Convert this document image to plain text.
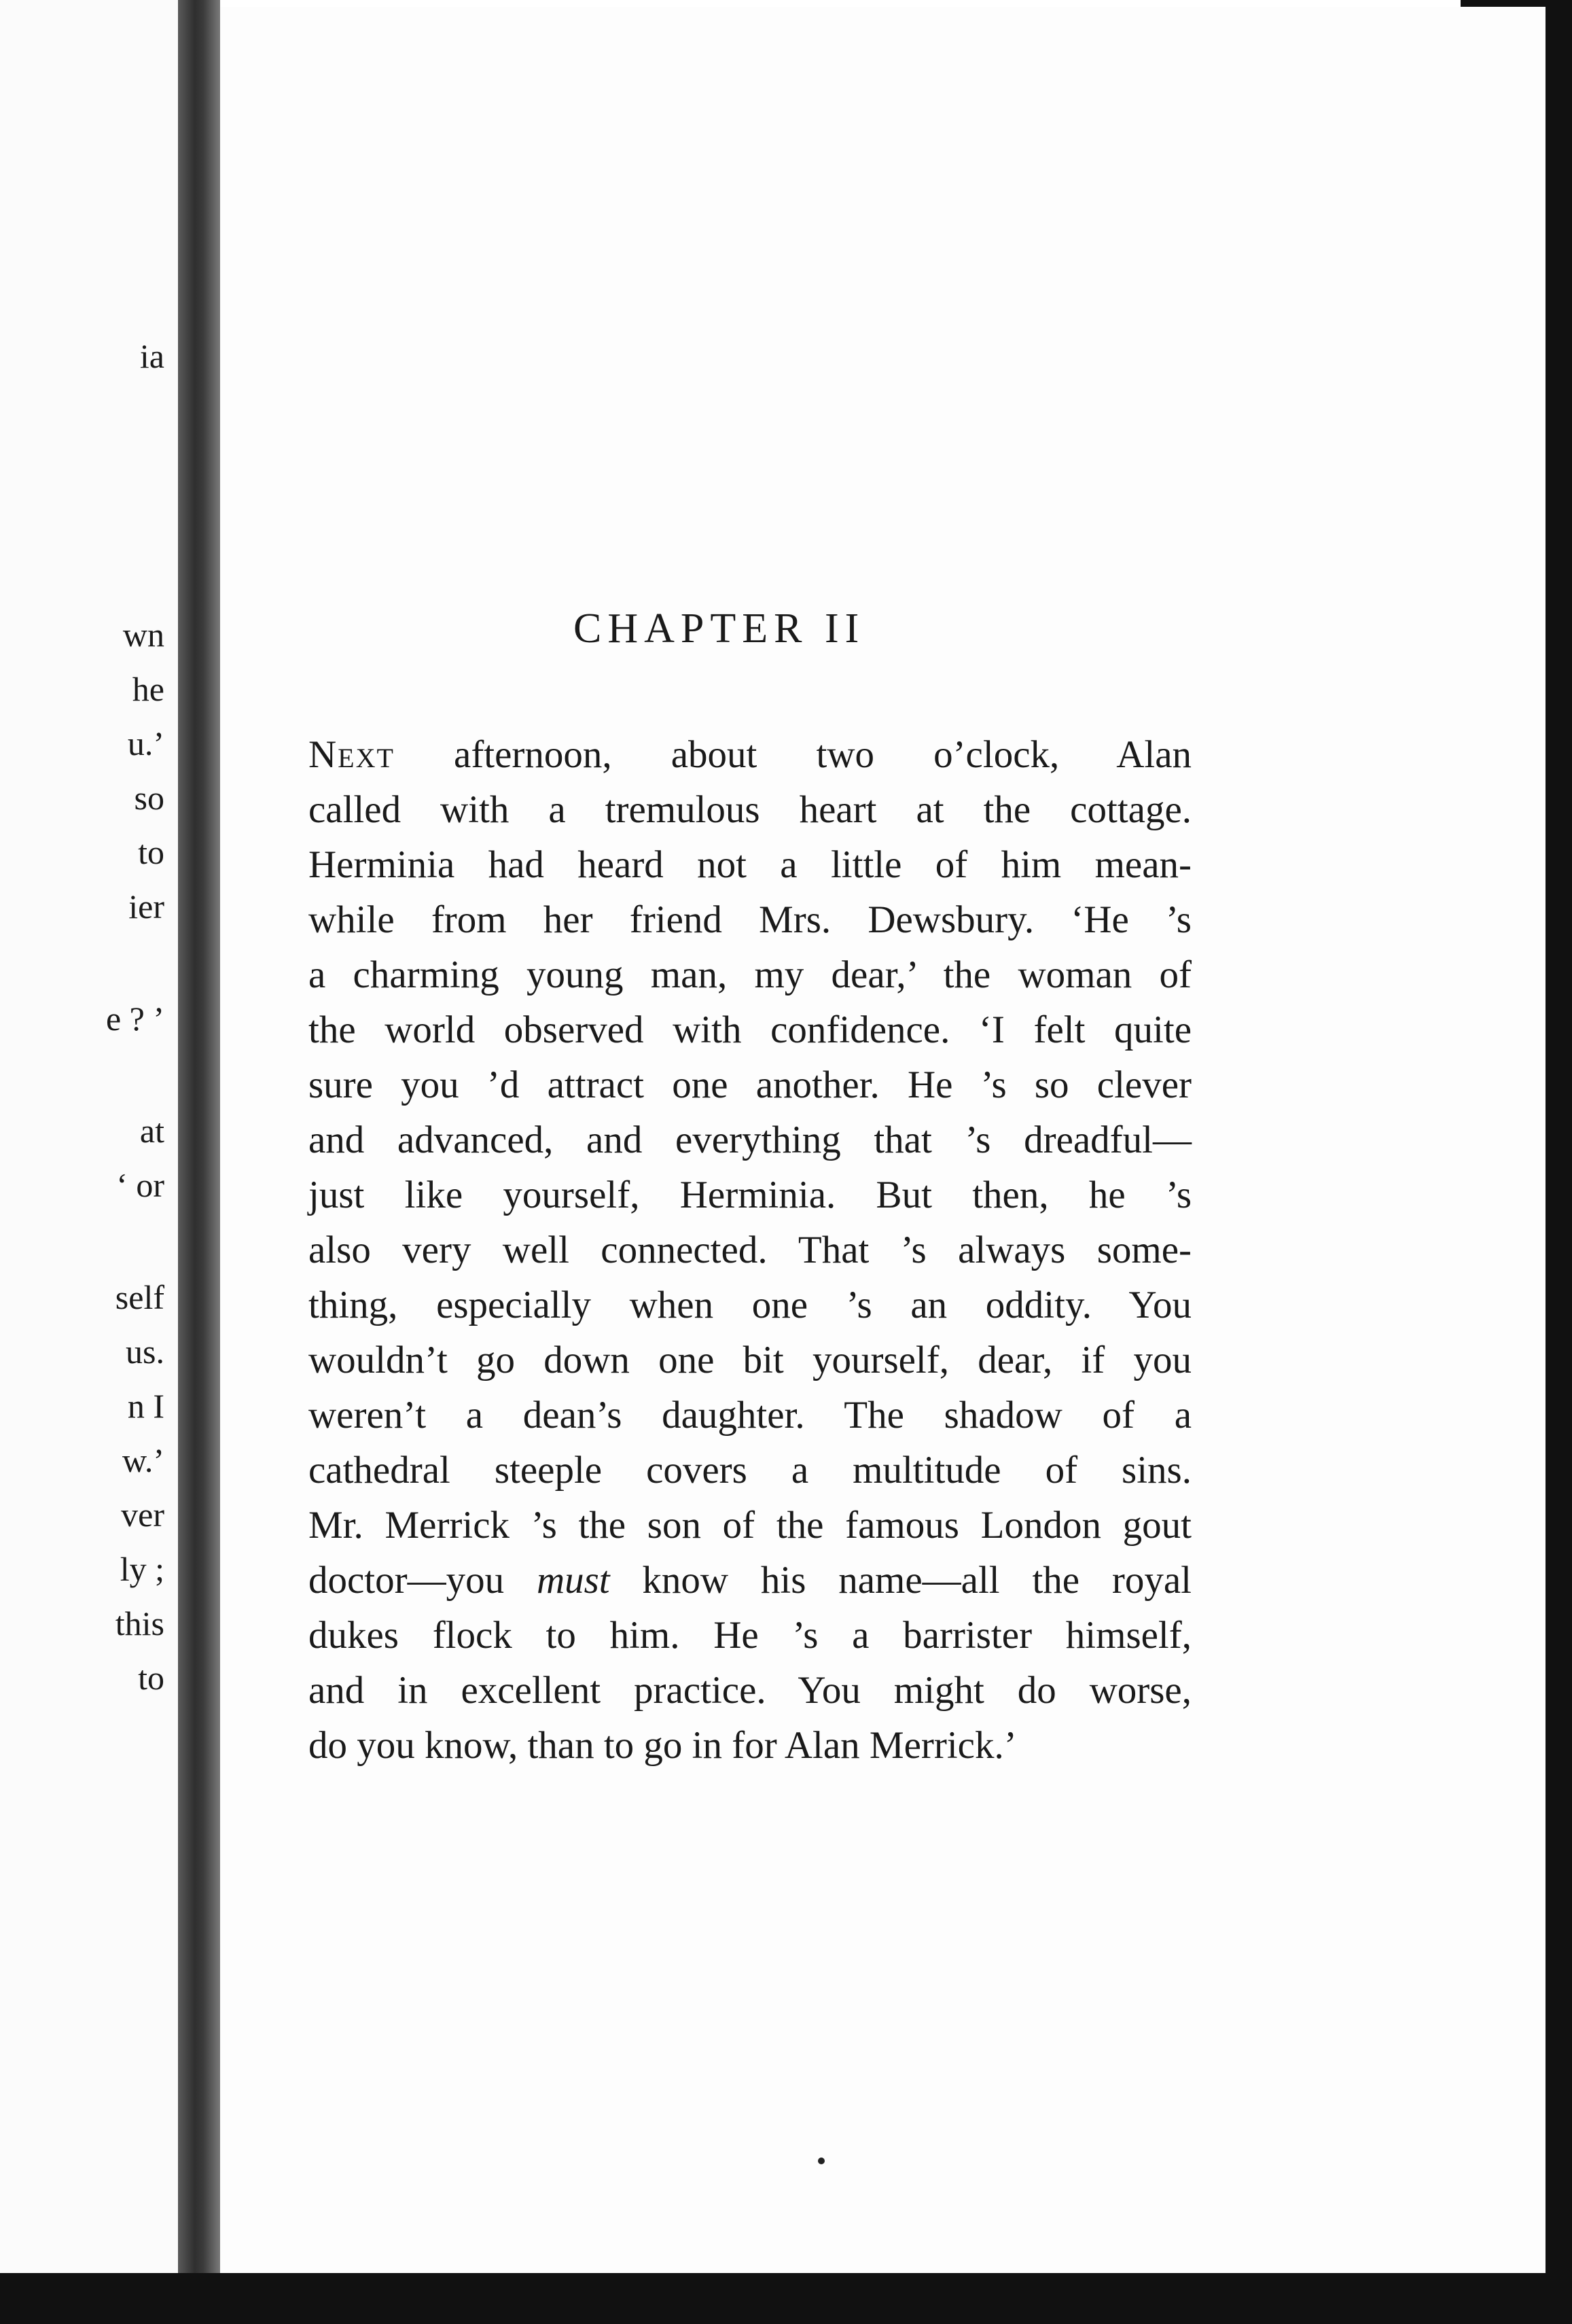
ia
wn
he
u.’
so
to
ier
e ? ’
at
‘ or
self
us.
n I
w.’
ver
ly ;
this
to
CHAPTER II
Next afternoon, about two o’clock, Alan
called with a tremulous heart at the cottage.
Herminia had heard not a little of him mean-
while from her friend Mrs. Dewsbury. ‘He ’s
a charming young man, my dear,’ the woman of
the world observed with confidence. ‘I felt quite
sure you ’d attract one another. He ’s so clever
and advanced, and everything that ’s dreadful—
just like yourself, Herminia. But then, he ’s
also very well connected. That ’s always some-
thing, especially when one ’s an oddity. You
wouldn’t go down one bit yourself, dear, if you
weren’t a dean’s daughter. The shadow of a
cathedral steeple covers a multitude of sins.
Mr. Merrick ’s the son of the famous London gout
doctor—you must know his name—all the royal
dukes flock to him. He ’s a barrister himself,
and in excellent practice. You might do worse,
do you know, than to go in for Alan Merrick.’
